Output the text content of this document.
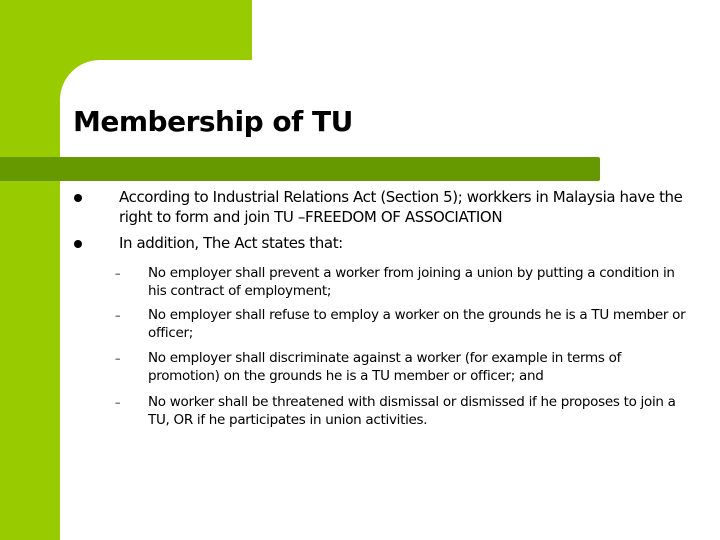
Membership of TU
According to Industrial Relations Act (Section 5); workkers in Malaysia have the right to form and join TU –FREEDOM OF ASSOCIATION
In addition, The Act states that:
– No employer shall prevent a worker from joining a union by putting a condition in his contract of employment;
– No employer shall refuse to employ a worker on the grounds he is a TU member or officer;
– No employer shall discriminate against a worker (for example in terms of promotion) on the grounds he is a TU member or officer; and
– No worker shall be threatened with dismissal or dismissed if he proposes to join a TU, OR if he participates in union activities.
